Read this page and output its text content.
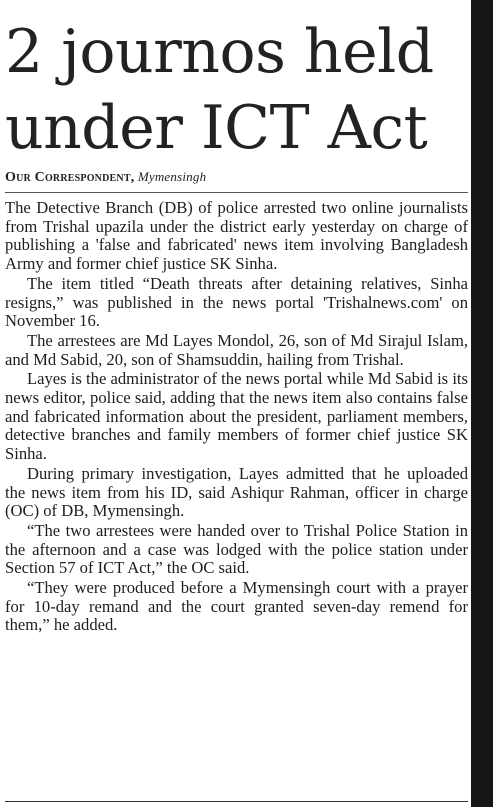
2 journos held
under ICT Act
Our Correspondent, Mymensingh

The Detective Branch (DB) of police arrested two online journalists from Trishal upazila under the district early yesterday on charge of publishing a 'false and fabricated' news item involving Bangladesh Army and former chief justice SK Sinha.

The item titled “Death threats after detaining relatives, Sinha resigns,” was published in the news portal 'Trishalnews.com' on November 16.

The arrestees are Md Layes Mondol, 26, son of Md Sirajul Islam, and Md Sabid, 20, son of Shamsuddin, hailing from Trishal.

Layes is the administrator of the news portal while Md Sabid is its news editor, police said, adding that the news item also contains false and fabricated information about the president, parliament members, detective branches and family members of former chief justice SK Sinha.

During primary investigation, Layes admitted that he uploaded the news item from his ID, said Ashiqur Rahman, officer in charge (OC) of DB, Mymensingh.

“The two arrestees were handed over to Trishal Police Station in the afternoon and a case was lodged with the police station under Section 57 of ICT Act,” the OC said.

“They were produced before a Mymensingh court with a prayer for 10-day remand and the court granted seven-day remend for them,” he added.
